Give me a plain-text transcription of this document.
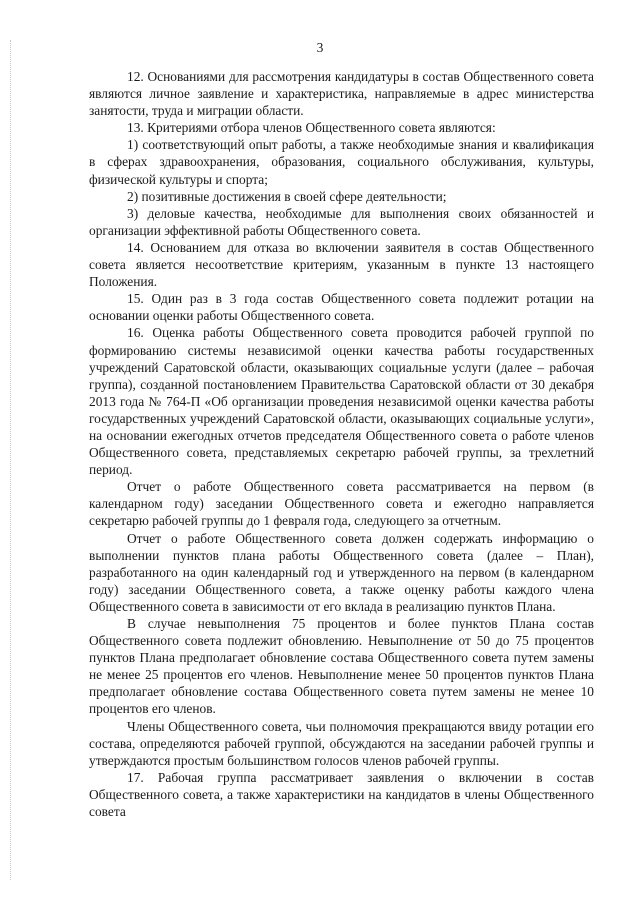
3

12. Основаниями для рассмотрения кандидатуры в состав Общественного совета являются личное заявление и характеристика, направляемые в адрес министерства занятости, труда и миграции области.

13. Критериями отбора членов Общественного совета являются:

1) соответствующий опыт работы, а также необходимые знания и квалификация в сферах здравоохранения, образования, социального обслуживания, культуры, физической культуры и спорта;

2) позитивные достижения в своей сфере деятельности;

3) деловые качества, необходимые для выполнения своих обязанностей и организации эффективной работы Общественного совета.

14. Основанием для отказа во включении заявителя в состав Общественного совета является несоответствие критериям, указанным в пункте 13 настоящего Положения.

15. Один раз в 3 года состав Общественного совета подлежит ротации на основании оценки работы Общественного совета.

16. Оценка работы Общественного совета проводится рабочей группой по формированию системы независимой оценки качества работы государственных учреждений Саратовской области, оказывающих социальные услуги (далее – рабочая группа), созданной постановлением Правительства Саратовской области от 30 декабря 2013 года № 764-П «Об организации проведения независимой оценки качества работы государственных учреждений Саратовской области, оказывающих социальные услуги», на основании ежегодных отчетов председателя Общественного совета о работе членов Общественного совета, представляемых секретарю рабочей группы, за трехлетний период.

Отчет о работе Общественного совета рассматривается на первом (в календарном году) заседании Общественного совета и ежегодно направляется секретарю рабочей группы до 1 февраля года, следующего за отчетным.

Отчет о работе Общественного совета должен содержать информацию о выполнении пунктов плана работы Общественного совета (далее – План), разработанного на один календарный год и утвержденного на первом (в календарном году) заседании Общественного совета, а также оценку работы каждого члена Общественного совета в зависимости от его вклада в реализацию пунктов Плана.

В случае невыполнения 75 процентов и более пунктов Плана состав Общественного совета подлежит обновлению. Невыполнение от 50 до 75 процентов пунктов Плана предполагает обновление состава Общественного совета путем замены не менее 25 процентов его членов. Невыполнение менее 50 процентов пунктов Плана предполагает обновление состава Общественного совета путем замены не менее 10 процентов его членов.

Члены Общественного совета, чьи полномочия прекращаются ввиду ротации его состава, определяются рабочей группой, обсуждаются на заседании рабочей группы и утверждаются простым большинством голосов членов рабочей группы.

17. Рабочая группа рассматривает заявления о включении в состав Общественного совета, а также характеристики на кандидатов в члены Общественного совета
